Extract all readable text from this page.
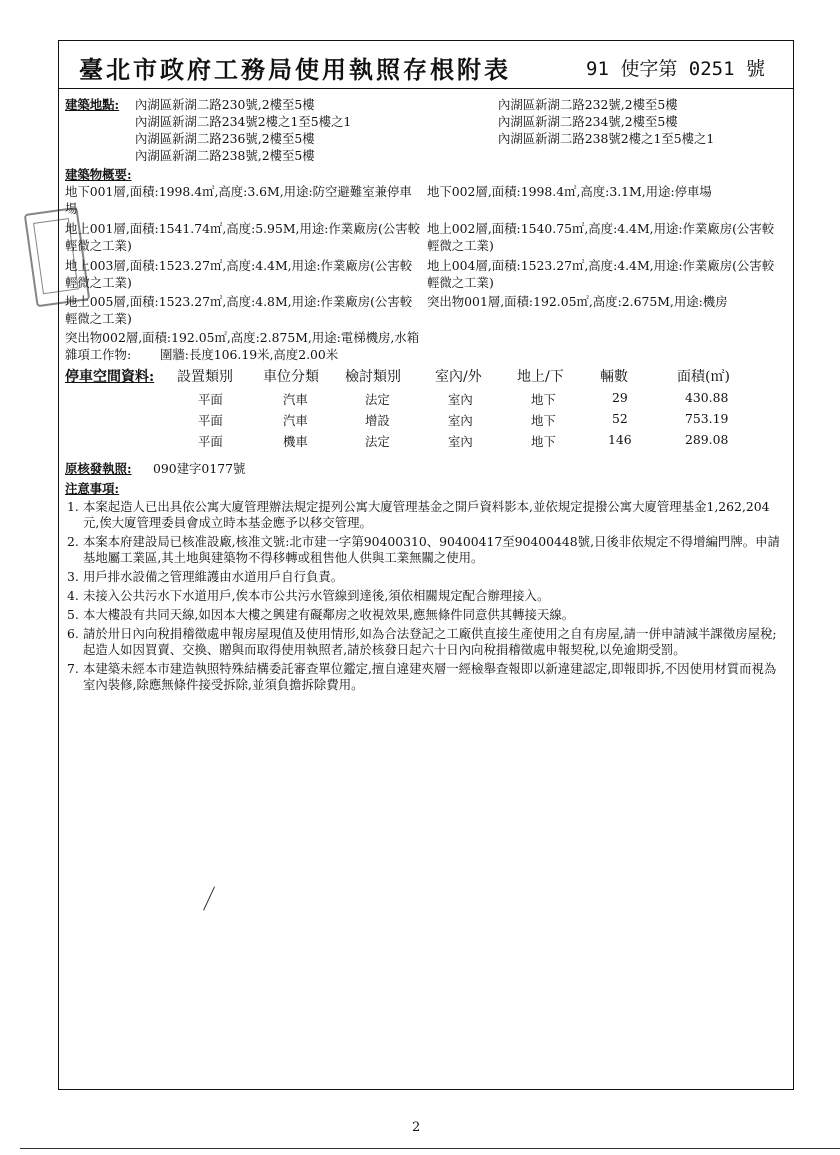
臺北市政府工務局使用執照存根附表	91 使字第 0251 號
建築地點: 內湖區新湖二路230號,2樓至5樓	內湖區新湖二路232號,2樓至5樓
內湖區新湖二路234號2樓之1至5樓之1	內湖區新湖二路234號,2樓至5樓
內湖區新湖二路236號,2樓至5樓	內湖區新湖二路238號2樓之1至5樓之1
內湖區新湖二路238號,2樓至5樓
建築物概要:
地下001層,面積:1998.4㎡,高度:3.6M,用途:防空避難室兼停車
場
地下002層,面積:1998.4㎡,高度:3.1M,用途:停車場
地上001層,面積:1541.74㎡,高度:5.95M,用途:作業廠房(公害較
輕微之工業)
地上002層,面積:1540.75㎡,高度:4.4M,用途:作業廠房(公害較
輕微之工業)
地上003層,面積:1523.27㎡,高度:4.4M,用途:作業廠房(公害較
輕微之工業)
地上004層,面積:1523.27㎡,高度:4.4M,用途:作業廠房(公害較
輕微之工業)
地上005層,面積:1523.27㎡,高度:4.8M,用途:作業廠房(公害較
輕微之工業)
突出物001層,面積:192.05㎡,高度:2.675M,用途:機房
突出物002層,面積:192.05㎡,高度:2.875M,用途:電梯機房,水箱
雜項工作物: 圍牆:長度106.19米,高度2.00米
停車空間資料: 設置類別 車位分類 檢討類別 室內/外	地上/下	輛數	面積(㎡)
平面	汽車	法定	室內	地下	29	430.88
平面	汽車	增設	室內	地下	52	753.19
平面	機車	法定	室內	地下	146	289.08
原核發執照: 090建字0177號
注意事項:
1. 本案起造人已出具依公寓大廈管理辦法規定提列公寓大廈管理基金之開戶資料影本,並依規定提撥公寓大廈管理基金1,262,204元,俟大廈管理委員會成立時本基金應予以移交管理。
2. 本案本府建設局已核准設廠,核准文號:北市建一字第90400310、90400417至90400448號,日後非依規定不得增編門牌。申請基地屬工業區,其土地與建築物不得移轉或租售他人供與工業無關之使用。
3. 用戶排水設備之管理維護由水道用戶自行負責。
4. 未接入公共污水下水道用戶,俟本市公共污水管線到達後,須依相關規定配合辦理接入。
5. 本大樓設有共同天線,如因本大樓之興建有礙鄰房之收視效果,應無條件同意供其轉接天線。
6. 請於卅日內向稅捐稽徵處申報房屋現值及使用情形,如為合法登記之工廠供直接生產使用之自有房屋,請一併申請減半課徵房屋稅;起造人如因買賣、交換、贈與而取得使用執照者,請於核發日起六十日內向稅捐稽徵處申報契稅,以免逾期受罰。
7. 本建築未經本市建造執照特殊結構委託審查單位鑑定,擅自違建夾層一經檢舉查報即以新違建認定,即報即拆,不因使用材質而視為室內裝修,除應無條件接受拆除,並須負擔拆除費用。
2
